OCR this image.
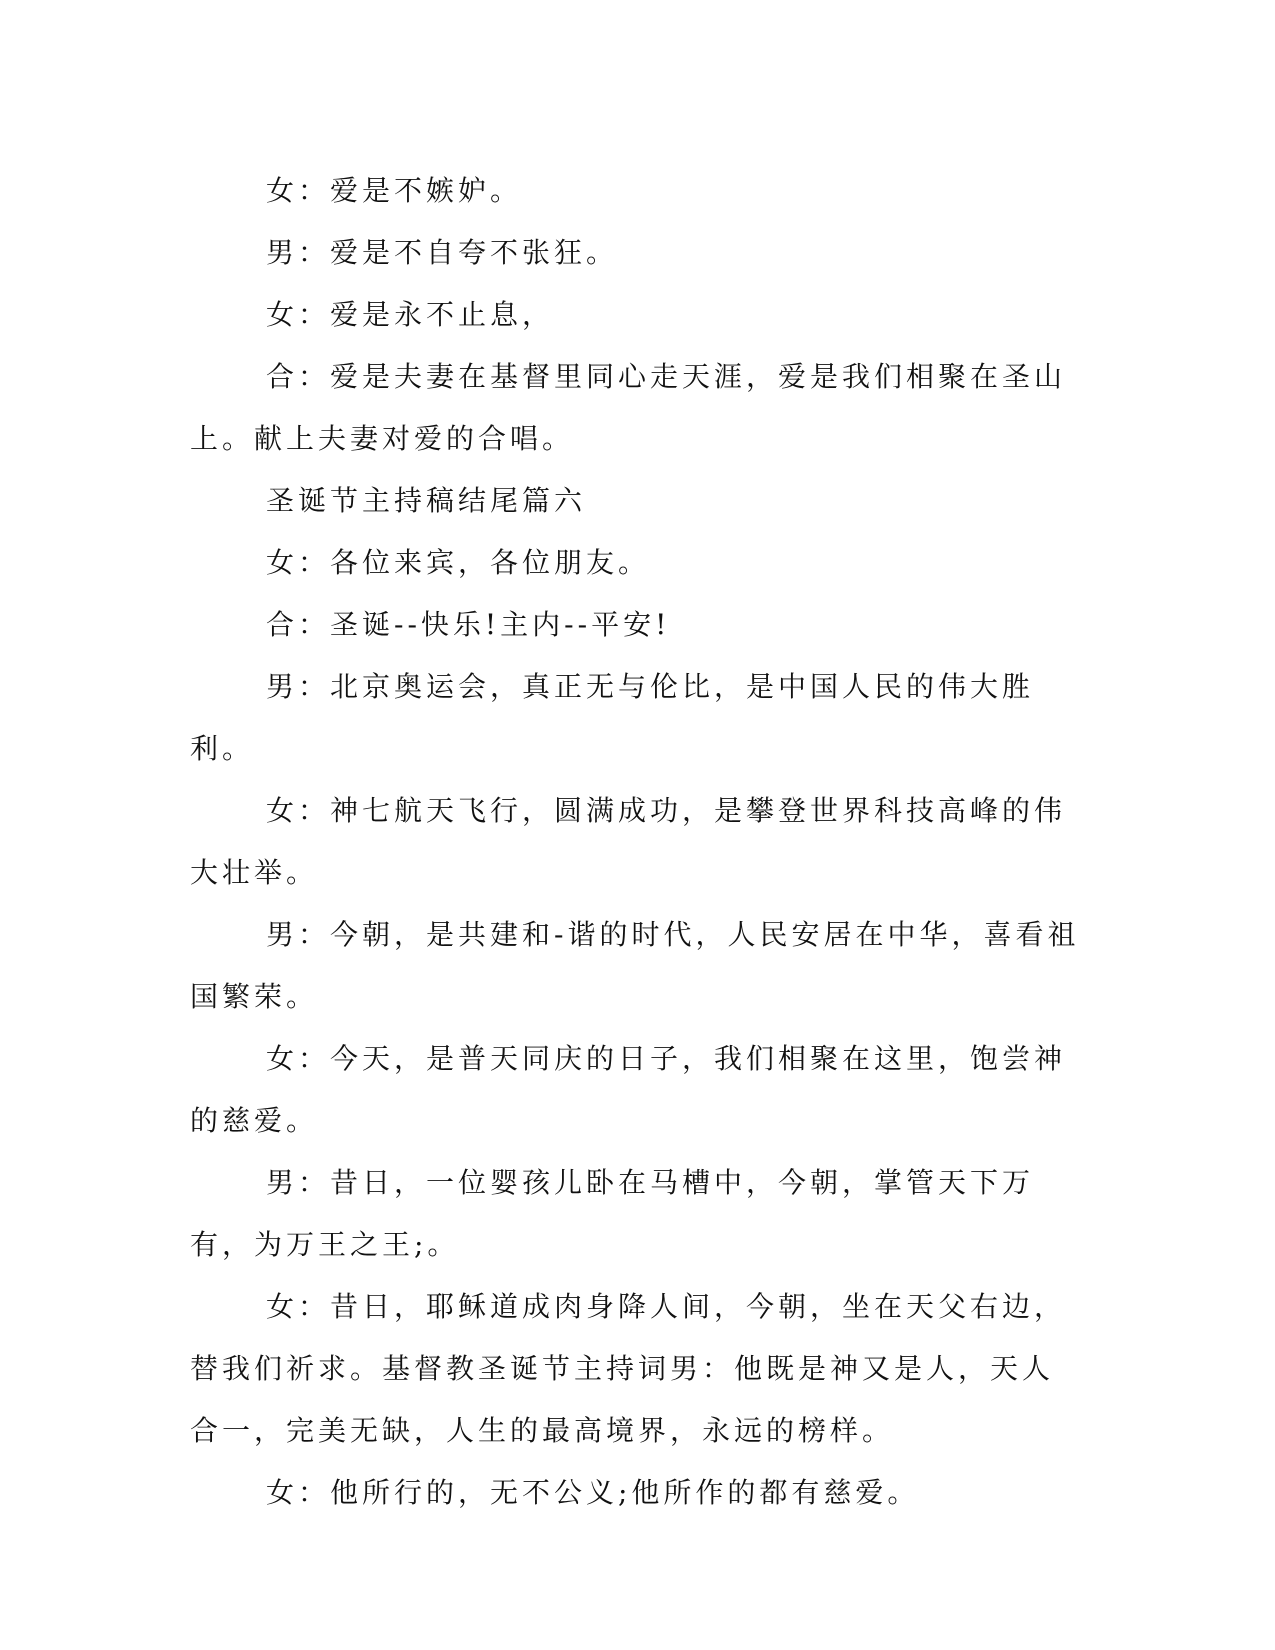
女：爱是不嫉妒。

男：爱是不自夸不张狂。

女：爱是永不止息，

合：爱是夫妻在基督里同心走天涯，爱是我们相聚在圣山上。献上夫妻对爱的合唱。

圣诞节主持稿结尾篇六

女：各位来宾，各位朋友。

合：圣诞--快乐!主内--平安!

男：北京奥运会，真正无与伦比，是中国人民的伟大胜利。

女：神七航天飞行，圆满成功，是攀登世界科技高峰的伟大壮举。

男：今朝，是共建和-谐的时代，人民安居在中华，喜看祖国繁荣。

女：今天，是普天同庆的日子，我们相聚在这里，饱尝神的慈爱。

男：昔日，一位婴孩儿卧在马槽中，今朝，掌管天下万有，为万王之王;。

女：昔日，耶稣道成肉身降人间，今朝，坐在天父右边，替我们祈求。基督教圣诞节主持词男：他既是神又是人，天人合一，完美无缺，人生的最高境界，永远的榜样。

女：他所行的，无不公义;他所作的都有慈爱。
